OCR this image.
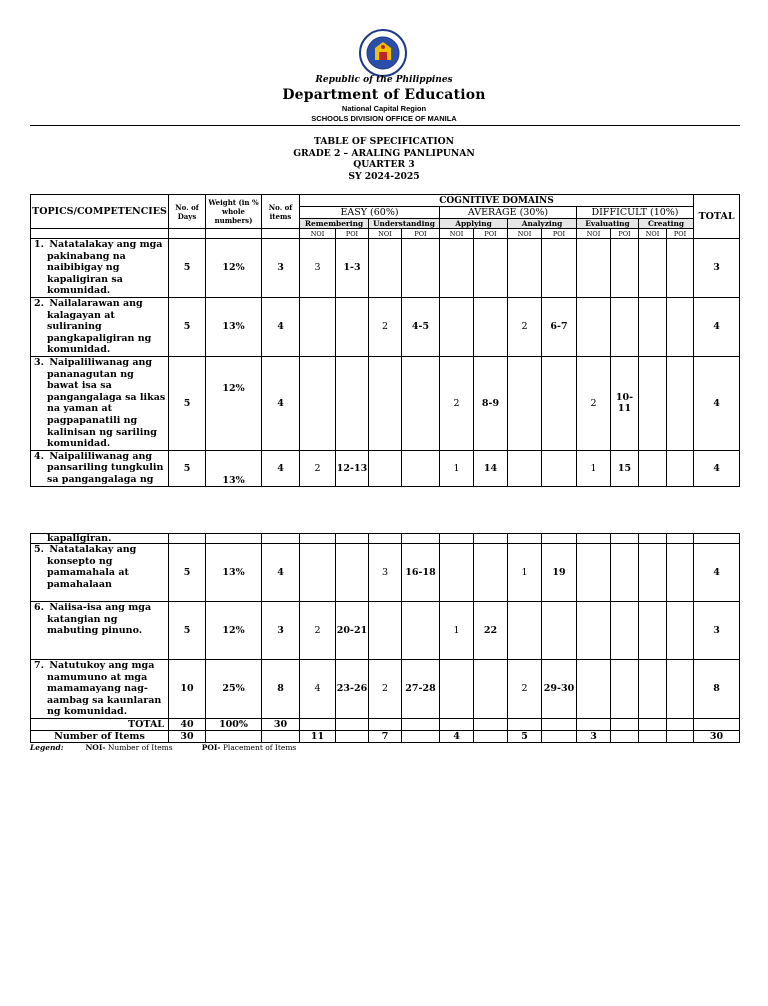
Republic of the Philippines
Department of Education
National Capital Region
SCHOOLS DIVISION OFFICE OF MANILA
TABLE OF SPECIFICATION
GRADE 2 – ARALING PANLIPUNAN
QUARTER 3
SY 2024-2025
TOPICS/COMPETENCIES	No. of Days	Weight (in % whole numbers)	No. of items	COGNITIVE DOMAINS												TOTAL
				EASY (60%)				AVERAGE (30%)				DIFFICULT (10%)				
				Remembering		Understanding		Applying		Analyzing		Evaluating		Creating		
				NOI	POI	NOI	POI	NOI	POI	NOI	POI	NOI	POI	NOI	POI	

1. Natatalakay ang mga
pakinabang na naibibigay ng kapaligiran sa komunidad.	5	12%	3	3	1-3											3

2. Nailalarawan ang
kalagayan at suliraning pangkapaligiran ng komunidad.	5	13%	4			2	4-5			2	6-7					4

3. Naipaliliwanag ang
pananagutan ng bawat isa sa pangangalaga sa likas na yaman at pagpapanatili ng kalinisan ng sariling komunidad.	5	12%	4					2	8-9			2	10-11			4

4. Naipaliliwanag ang
pansariling tungkulin sa pangangalaga ng	5	13%	4	2	12-13			1	14			1	15			4
kapaligiran.																

5. Natatalakay ang
konsepto ng pamamahala at pamahalaan	5	13%	4			3	16-18			1	19					4

6. Naiisa-isa ang mga
katangian ng mabuting pinuno.	5	12%	3	2	20-21			1	22							3

7. Natutukoy ang mga
namumuno at mga mamamayang nag-aambag sa kaunlaran ng komunidad.	10	25%	8	4	23-26	2	27-28			2	29-30					8
TOTAL	40	100%	30													
Number of Items	30			11		7		4		5		3				30
Legend:	NOI- Number of Items	POI- Placement of Items
